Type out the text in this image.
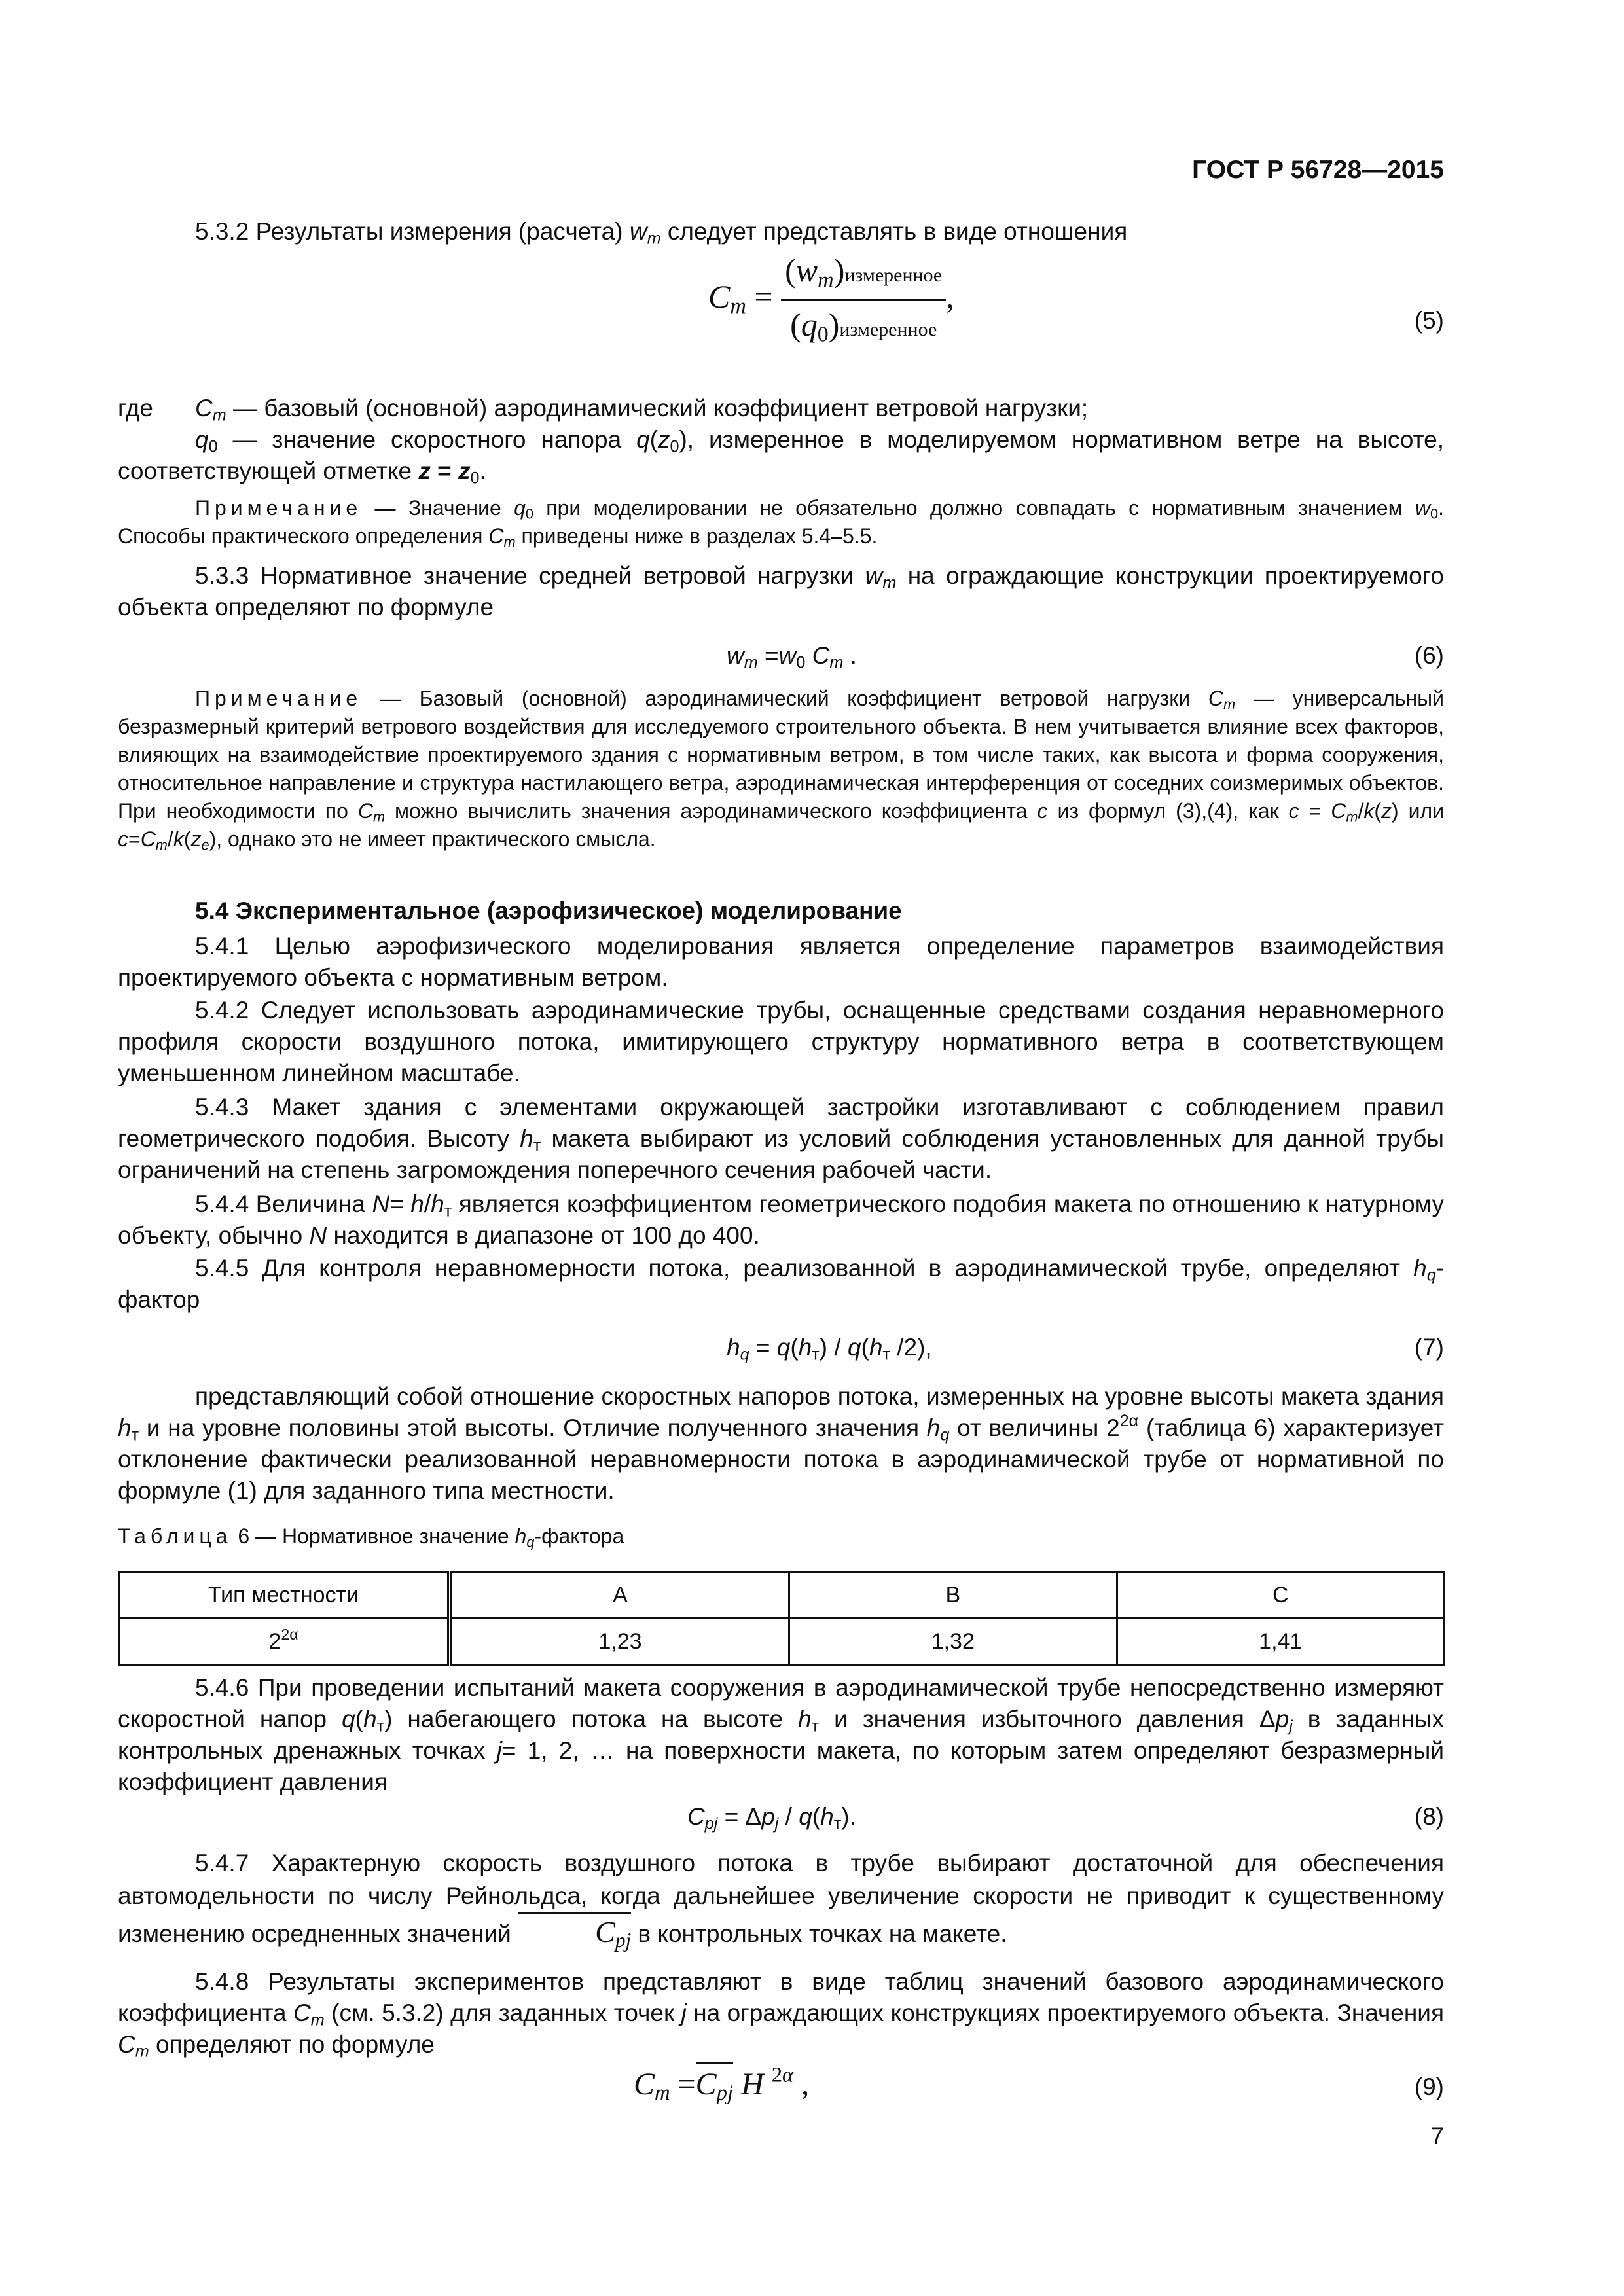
ГОСТ Р 56728—2015
5.3.2 Результаты измерения (расчета) $w_m$ следует представлять в виде отношения
$C_m = \frac{(w_m)измеренное}{(q_0)измеренное}$ ,
(5)
где $C_m$ — базовый (основной) аэродинамический коэффициент ветровой нагрузки;
$q_0$ — значение скоростного напора $q(z_0)$, измеренное в моделируемом нормативном ветре на высоте, соответствующей отметке $z = z_0$.
Примечание — Значение $q_0$ при моделировании не обязательно должно совпадать с нормативным значением $w_0$. Способы практического определения $C_m$ приведены ниже в разделах 5.4–5.5.
5.3.3 Нормативное значение средней ветровой нагрузки $w_m$ на ограждающие конструкции проектируемого объекта определяют по формуле
$w_m =w_0$ $C_m$ .	(6)
Примечание — Базовый (основной) аэродинамический коэффициент ветровой нагрузки $C_m$ — универсальный безразмерный критерий ветрового воздействия для исследуемого строительного объекта. В нем учитывается влияние всех факторов, влияющих на взаимодействие проектируемого здания с нормативным ветром, в том числе таких, как высота и форма сооружения, относительное направление и структура настилающего ветра, аэродинамическая интерференция от соседних соизмеримых объектов. При необходимости по $C_m$ можно вычислить значения аэродинамического коэффициента c из формул (3),(4), как $c = C_m/k(z)$ или $c=C_m/k(z_e)$, однако это не имеет практического смысла.
5.4 Экспериментальное (аэрофизическое) моделирование
5.4.1 Целью аэрофизического моделирования является определение параметров взаимодействия проектируемого объекта с нормативным ветром.
5.4.2 Следует использовать аэродинамические трубы, оснащенные средствами создания неравномерного профиля скорости воздушного потока, имитирующего структуру нормативного ветра в соответствующем уменьшенном линейном масштабе.
5.4.3 Макет здания с элементами окружающей застройки изготавливают с соблюдением правил геометрического подобия. Высоту $h_т$ макета выбирают из условий соблюдения установленных для данной трубы ограничений на степень загромождения поперечного сечения рабочей части.
5.4.4 Величина $N= h/h_т$ является коэффициентом геометрического подобия макета по отношению к натурному объекту, обычно N находится в диапазоне от 100 до 400.
5.4.5 Для контроля неравномерности потока, реализованной в аэродинамической трубе, определяют $h_q$-фактор
$h_q = q(h_т) / q(h_т$ /2),	(7)
представляющий собой отношение скоростных напоров потока, измеренных на уровне высоты макета здания $h_т$ и на уровне половины этой высоты. Отличие полученного значения $h_q$ от величины $2^{2\alpha}$ (таблица 6) характеризует отклонение фактически реализованной неравномерности потока в аэродинамической трубе от нормативной по формуле (1) для заданного типа местности.
Таблица 6 — Нормативное значение $h_q$-фактора
Тип местности	A	B	C
$2^{2\alpha}$	1,23	1,32	1,41
5.4.6 При проведении испытаний макета сооружения в аэродинамической трубе непосредственно измеряют скоростной напор $q(h_т)$ набегающего потока на высоте $h_т$ и значения избыточного давления $\Delta p_j$ в заданных контрольных дренажных точках j= 1, 2, … на поверхности макета, по которым затем определяют безразмерный коэффициент давления
$C_{pj} = \Delta p_j / q(h_т)$.	(8)
5.4.7 Характерную скорость воздушного потока в трубе выбирают достаточной для обеспечения автомодельности по числу Рейнольдса, когда дальнейшее увеличение скорости не приводит к существенному изменению осредненных значений	$C_{pj}$ в контрольных точках на макете.
5.4.8 Результаты экспериментов представляют в виде таблиц значений базового аэродинамического коэффициента $C_m$ (см. 5.3.2) для заданных точек j на ограждающих конструкциях проектируемого объекта. Значения $C_m$ определяют по формуле
$C_m =C_{pj}$ H $^{2\alpha}$ ,	(9)
7
